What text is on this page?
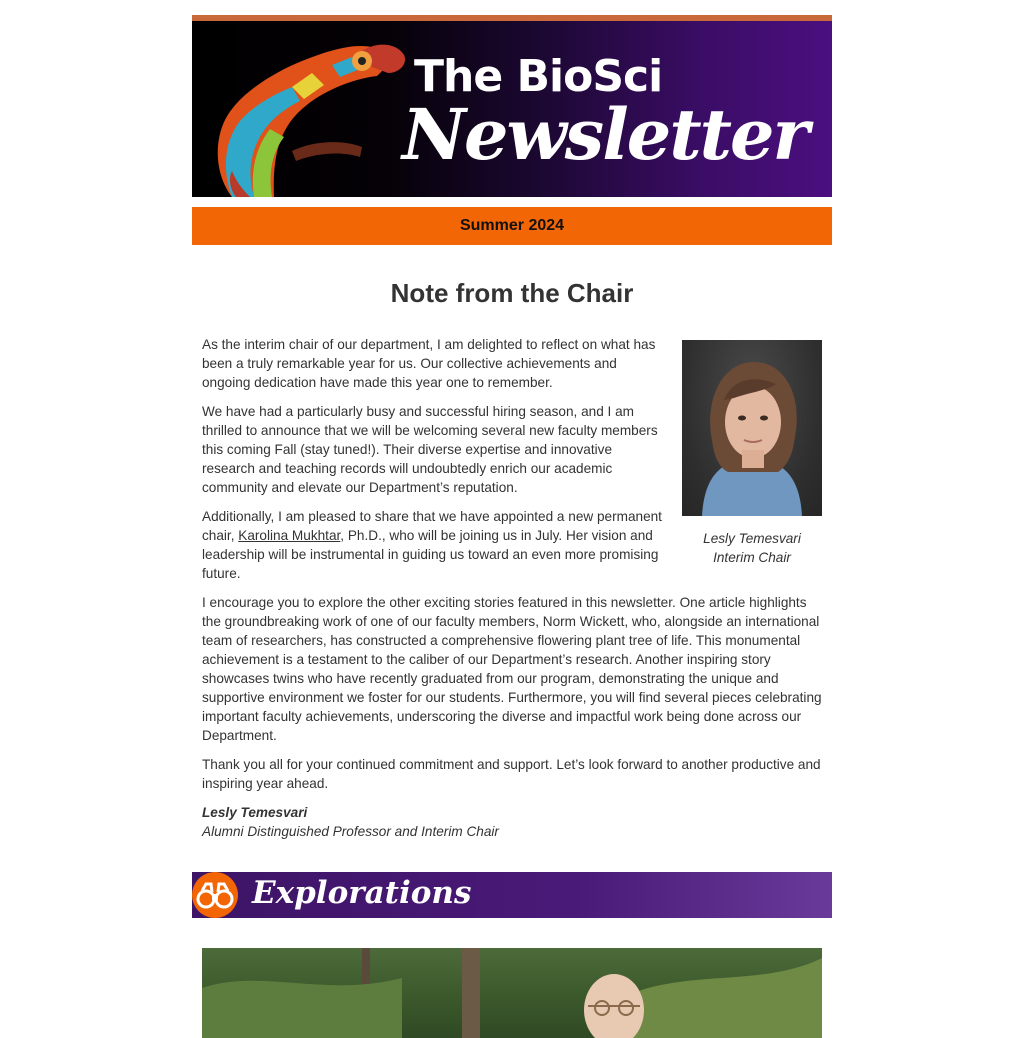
The BioSci
Newsletter
Summer 2024
Note from the Chair

As the interim chair of our department, I am delighted to reflect on what has been a truly remarkable year for us. Our collective achievements and ongoing dedication have made this year one to remember.

We have had a particularly busy and successful hiring season, and I am thrilled to announce that we will be welcoming several new faculty members this coming Fall (stay tuned!). Their diverse expertise and innovative research and teaching records will undoubtedly enrich our academic community and elevate our Department’s reputation.

Additionally, I am pleased to share that we have appointed a new permanent chair, Karolina Mukhtar, Ph.D., who will be joining us in July. Her vision and leadership will be instrumental in guiding us toward an even more promising future.

Lesly Temesvari
Interim Chair

I encourage you to explore the other exciting stories featured in this newsletter. One article highlights the groundbreaking work of one of our faculty members, Norm Wickett, who, alongside an international team of researchers, has constructed a comprehensive flowering plant tree of life. This monumental achievement is a testament to the caliber of our Department’s research. Another inspiring story showcases twins who have recently graduated from our program, demonstrating the unique and supportive environment we foster for our students. Furthermore, you will find several pieces celebrating important faculty achievements, underscoring the diverse and impactful work being done across our Department.

Thank you all for your continued commitment and support. Let’s look forward to another productive and inspiring year ahead.

Lesly Temesvari
Alumni Distinguished Professor and Interim Chair
Explorations
